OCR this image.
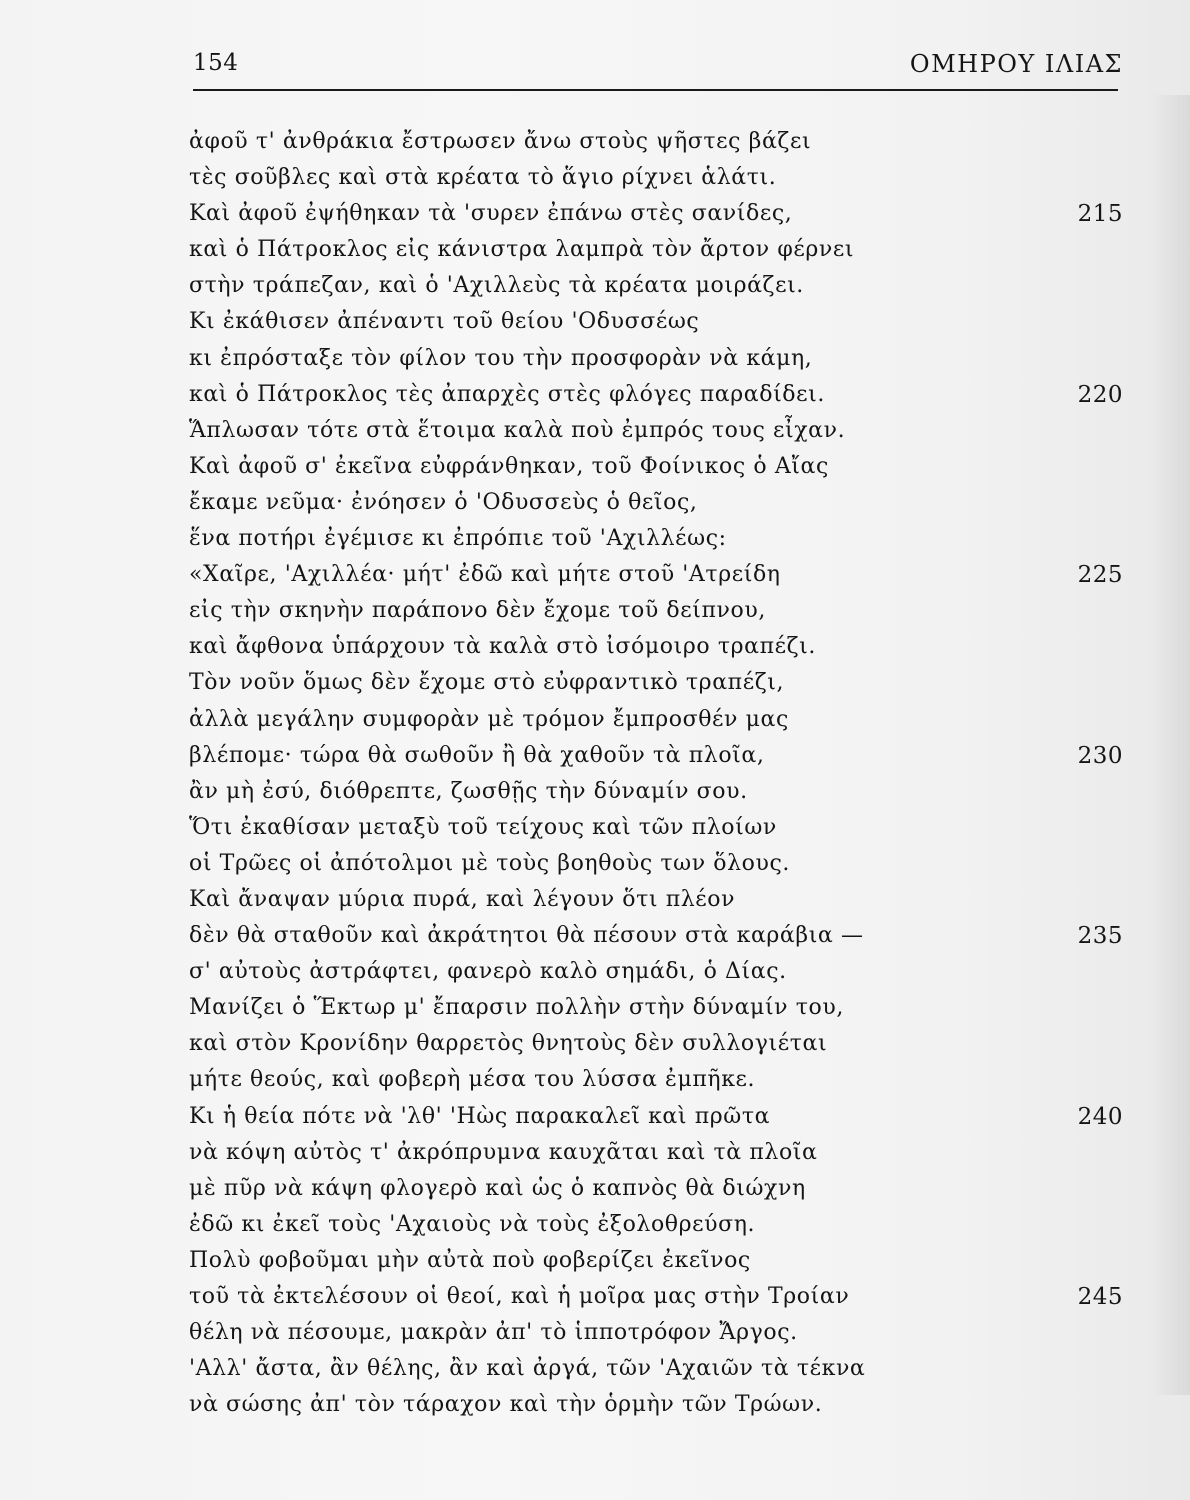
154	ΟΜΗΡΟΥ ΙΛΙΑΣ
ἀφοῦ τ' ἀνθράκια ἔστρωσεν ἄνω στοὺς ψῆστες βάζει
τὲς σοῦβλες καὶ στὰ κρέατα τὸ ἅγιο ρίχνει ἁλάτι.
Καὶ ἀφοῦ ἐψήθηκαν τὰ 'συρεν ἐπάνω στὲς σανίδες,	215
καὶ ὁ Πάτροκλος εἰς κάνιστρα λαμπρὰ τὸν ἄρτον φέρνει
στὴν τράπεζαν, καὶ ὁ 'Αχιλλεὺς τὰ κρέατα μοιράζει.
Κι ἐκάθισεν ἀπέναντι τοῦ θείου 'Οδυσσέως
κι ἐπρόσταξε τὸν φίλον του τὴν προσφορὰν νὰ κάμη,
καὶ ὁ Πάτροκλος τὲς ἀπαρχὲς στὲς φλόγες παραδίδει.	220
Ἅπλωσαν τότε στὰ ἕτοιμα καλὰ ποὺ ἐμπρός τους εἶχαν.
Καὶ ἀφοῦ σ' ἐκεῖνα εὐφράνθηκαν, τοῦ Φοίνικος ὁ Αἴας
ἔκαμε νεῦμα· ἐνόησεν ὁ 'Οδυσσεὺς ὁ θεῖος,
ἕνα ποτήρι ἐγέμισε κι ἐπρόπιε τοῦ 'Αχιλλέως:
«Χαῖρε, 'Αχιλλέα· μήτ' ἐδῶ καὶ μήτε στοῦ 'Ατρείδη	225
εἰς τὴν σκηνὴν παράπονο δὲν ἔχομε τοῦ δείπνου,
καὶ ἄφθονα ὑπάρχουν τὰ καλὰ στὸ ἰσόμοιρο τραπέζι.
Τὸν νοῦν ὅμως δὲν ἔχομε στὸ εὐφραντικὸ τραπέζι,
ἀλλὰ μεγάλην συμφορὰν μὲ τρόμον ἔμπροσθέν μας
βλέπομε· τώρα θὰ σωθοῦν ἢ θὰ χαθοῦν τὰ πλοῖα,	230
ἂν μὴ ἐσύ, διόθρεπτε, ζωσθῇς τὴν δύναμίν σου.
Ὅτι ἐκαθίσαν μεταξὺ τοῦ τείχους καὶ τῶν πλοίων
οἱ Τρῶες οἱ ἀπότολμοι μὲ τοὺς βοηθοὺς των ὅλους.
Καὶ ἄναψαν μύρια πυρά, καὶ λέγουν ὅτι πλέον
δὲν θὰ σταθοῦν καὶ ἀκράτητοι θὰ πέσουν στὰ καράβια —	235
σ' αὐτοὺς ἀστράφτει, φανερὸ καλὸ σημάδι, ὁ Δίας.
Μανίζει ὁ Ἕκτωρ μ' ἔπαρσιν πολλὴν στὴν δύναμίν του,
καὶ στὸν Κρονίδην θαρρετὸς θνητοὺς δὲν συλλογιέται
μήτε θεούς, καὶ φοβερὴ μέσα του λύσσα ἐμπῆκε.
Κι ἡ θεία πότε νὰ 'λθ' 'Ηὼς παρακαλεῖ καὶ πρῶτα	240
νὰ κόψη αὐτὸς τ' ἀκρόπρυμνα καυχᾶται καὶ τὰ πλοῖα
μὲ πῦρ νὰ κάψη φλογερὸ καὶ ὡς ὁ καπνὸς θὰ διώχνη
ἐδῶ κι ἐκεῖ τοὺς 'Αχαιοὺς νὰ τοὺς ἐξολοθρεύση.
Πολὺ φοβοῦμαι μὴν αὐτὰ ποὺ φοβερίζει ἐκεῖνος
τοῦ τὰ ἐκτελέσουν οἱ θεοί, καὶ ἡ μοῖρα μας στὴν Τροίαν	245
θέλη νὰ πέσουμε, μακρὰν ἀπ' τὸ ἱπποτρόφον Ἄργος.
'Αλλ' ἄστα, ἂν θέλης, ἂν καὶ ἀργά, τῶν 'Αχαιῶν τὰ τέκνα
νὰ σώσης ἀπ' τὸν τάραχον καὶ τὴν ὁρμὴν τῶν Τρώων.
